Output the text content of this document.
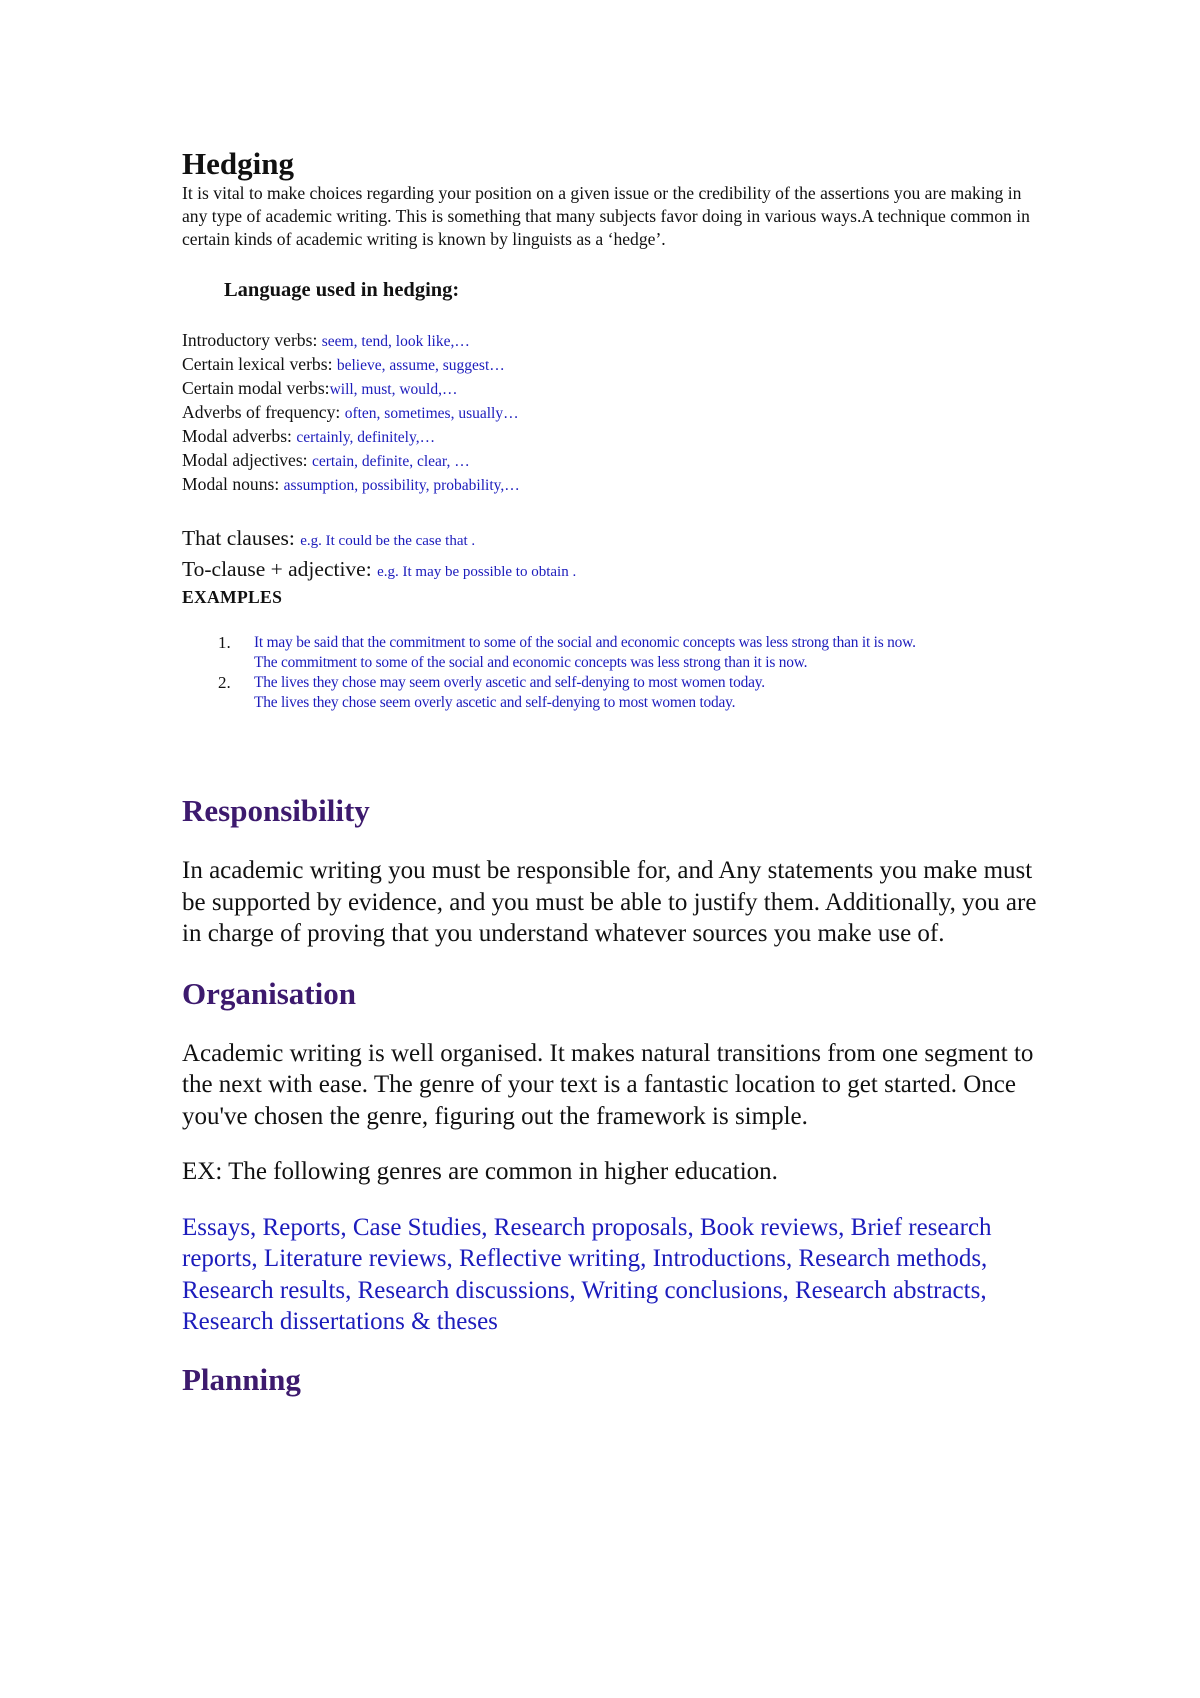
Hedging

It is vital to make choices regarding your position on a given issue or the credibility of the assertions you are making in any type of academic writing. This is something that many subjects favor doing in various ways.A technique common in certain kinds of academic writing is known by linguists as a ‘hedge’.

Language used in hedging:

Introductory verbs: seem, tend, look like,…
Certain lexical verbs: believe, assume, suggest…
Certain modal verbs:will, must, would,…
Adverbs of frequency: often, sometimes, usually…
Modal adverbs: certainly, definitely,…
Modal adjectives: certain, definite, clear, …
Modal nouns: assumption, possibility, probability,…
That clauses: e.g. It could be the case that .
To-clause + adjective: e.g. It may be possible to obtain .

EXAMPLES

1. It may be said that the commitment to some of the social and economic concepts was less strong than it is now.
The commitment to some of the social and economic concepts was less strong than it is now.
2. The lives they chose may seem overly ascetic and self-denying to most women today.
The lives they chose seem overly ascetic and self-denying to most women today.
Responsibility

In academic writing you must be responsible for, and Any statements you make must be supported by evidence, and you must be able to justify them. Additionally, you are in charge of proving that you understand whatever sources you make use of.

Organisation

Academic writing is well organised. It makes natural transitions from one segment to the next with ease. The genre of your text is a fantastic location to get started. Once you've chosen the genre, figuring out the framework is simple.

EX: The following genres are common in higher education.

Essays, Reports, Case Studies, Research proposals, Book reviews, Brief research reports, Literature reviews, Reflective writing, Introductions, Research methods, Research results, Research discussions, Writing conclusions, Research abstracts, Research dissertations & theses

Planning
